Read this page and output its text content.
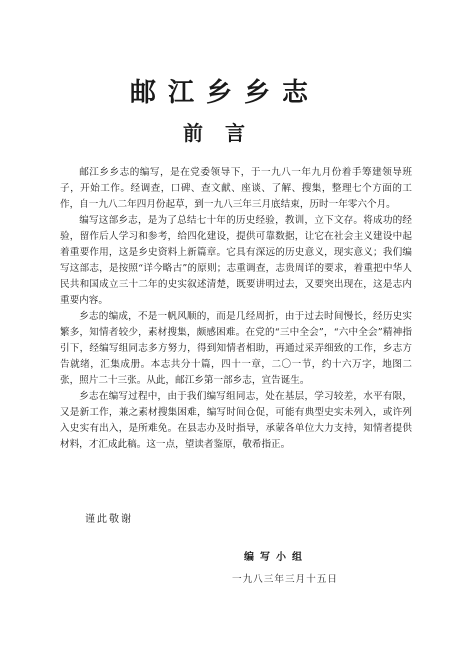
邮江乡乡志
前言

邮江乡乡志的编写，是在党委领导下，于一九八一年九月份着手筹建领导班子，开始工作。经调查，口碑、查文献、座谈、了解、搜集，整理七个方面的工作，自一九八二年四月份起草，到一九八三年三月底结束，历时一年零六个月。

编写这部乡志，是为了总结七十年的历史经验，教训，立下文存。将成功的经验，留作后人学习和参考，给四化建设，提供可靠数据，让它在社会主义建设中起着重要作用，这是乡史资料上新篇章。它具有深远的历史意义，现实意义；我们编写这部志，是按照“详今略古”的原则；志重调查，志贵周详的要求，着重把中华人民共和国成立三十二年的史实叙述清楚，既要讲明过去，又要突出现在，这是志内重要内容。

乡志的编成，不是一帆风顺的，而是几经周折，由于过去时间慢长，经历史实繁多，知情者较少，素材搜集，颇感困难。在党的“三中全会”，“六中全会”精神指引下，经编写组同志多方努力，得到知情者相助，再通过采弄细致的工作，乡志方告就绪，汇集成册。本志共分十篇，四十一章，二〇一节，约十六万字，地图二张，照片二十三张。从此，邮江乡第一部乡志，宣告诞生。

乡志在编写过程中，由于我们编写组同志，处在基层，学习较差，水平有限，又是新工作，兼之素材搜集困难，编写时间仓促，可能有典型史实未列入，或许列入史实有出入，是所难免。在县志办及时指导，承蒙各单位大力支持，知情者提供材料，才汇成此稿。这一点，望读者鉴原，敬希指正。

谨此敬谢
编写小组
一九八三年三月十五日
